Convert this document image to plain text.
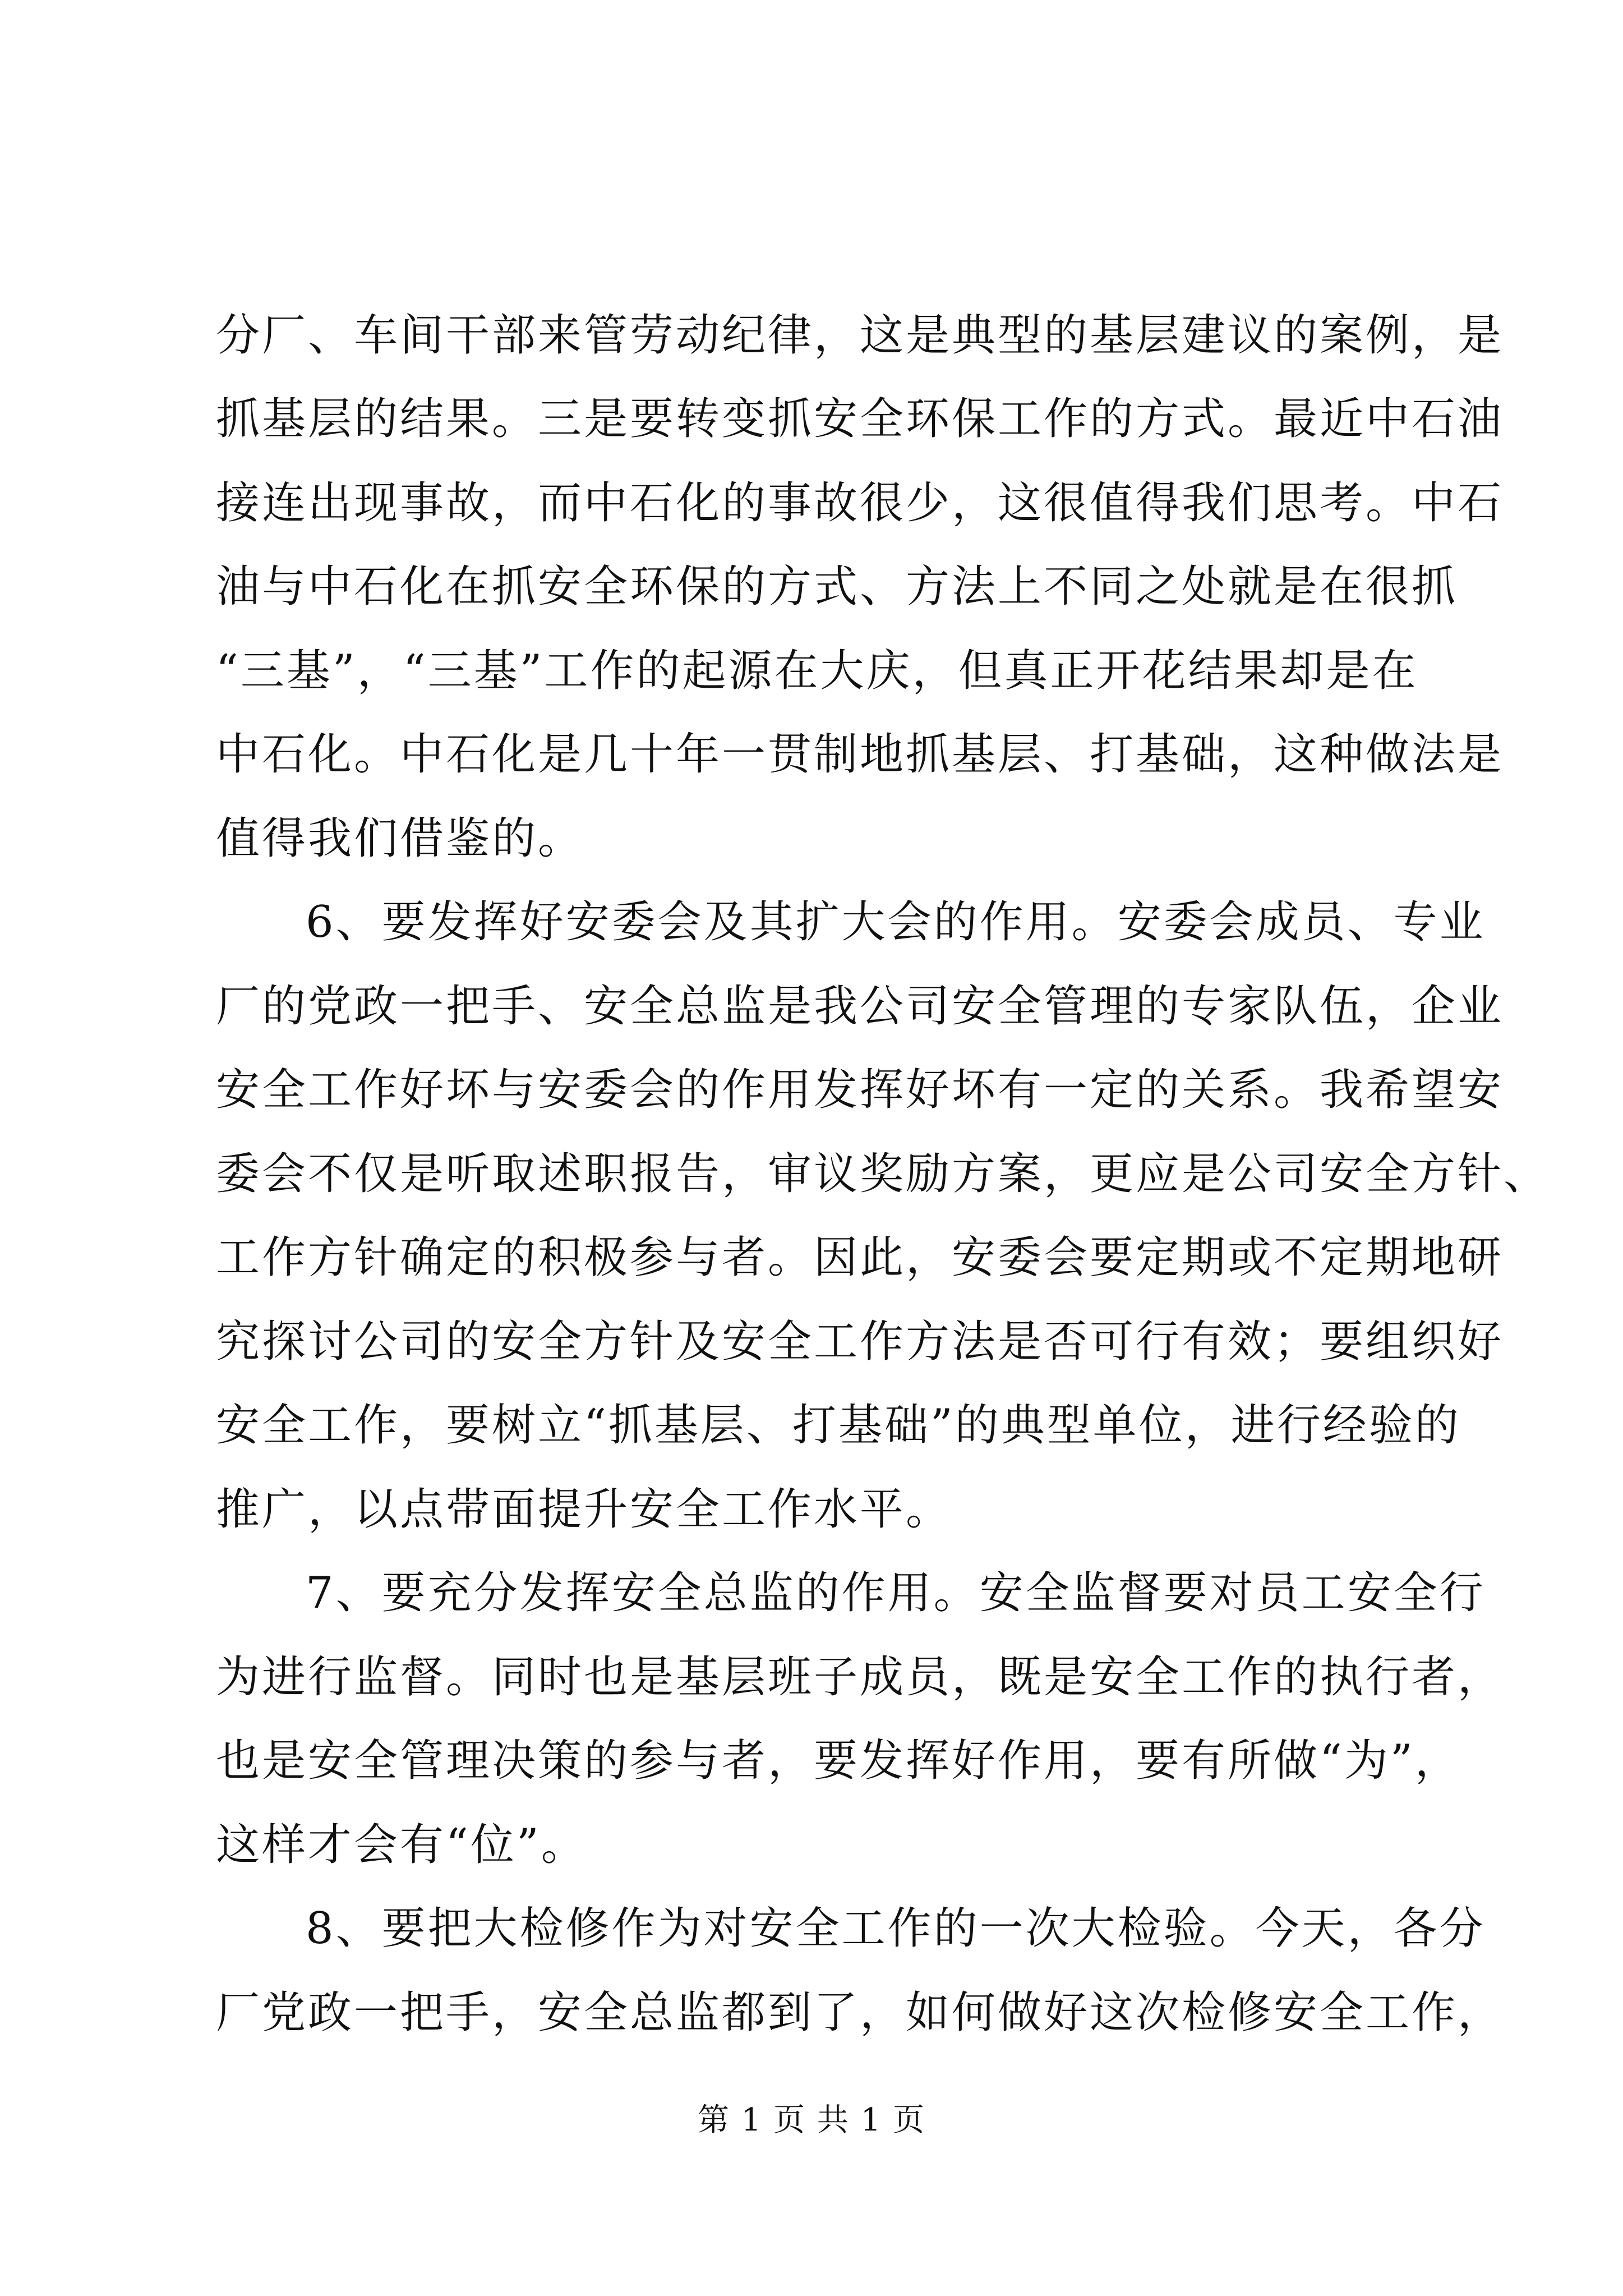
分厂、车间干部来管劳动纪律，这是典型的基层建议的案例，是
抓基层的结果。三是要转变抓安全环保工作的方式。最近中石油
接连出现事故，而中石化的事故很少，这很值得我们思考。中石
油与中石化在抓安全环保的方式、方法上不同之处就是在很抓
“三基”，“三基”工作的起源在大庆，但真正开花结果却是在
中石化。中石化是几十年一贯制地抓基层、打基础，这种做法是
值得我们借鉴的。
6、要发挥好安委会及其扩大会的作用。安委会成员、专业
厂的党政一把手、安全总监是我公司安全管理的专家队伍，企业
安全工作好坏与安委会的作用发挥好坏有一定的关系。我希望安
委会不仅是听取述职报告，审议奖励方案，更应是公司安全方针、
工作方针确定的积极参与者。因此，安委会要定期或不定期地研
究探讨公司的安全方针及安全工作方法是否可行有效；要组织好
安全工作，要树立“抓基层、打基础”的典型单位，进行经验的
推广，以点带面提升安全工作水平。
7、要充分发挥安全总监的作用。安全监督要对员工安全行
为进行监督。同时也是基层班子成员，既是安全工作的执行者，
也是安全管理决策的参与者，要发挥好作用，要有所做“为”，
这样才会有“位”。
8、要把大检修作为对安全工作的一次大检验。今天，各分
厂党政一把手，安全总监都到了，如何做好这次检修安全工作，
第 1 页 共 1 页
